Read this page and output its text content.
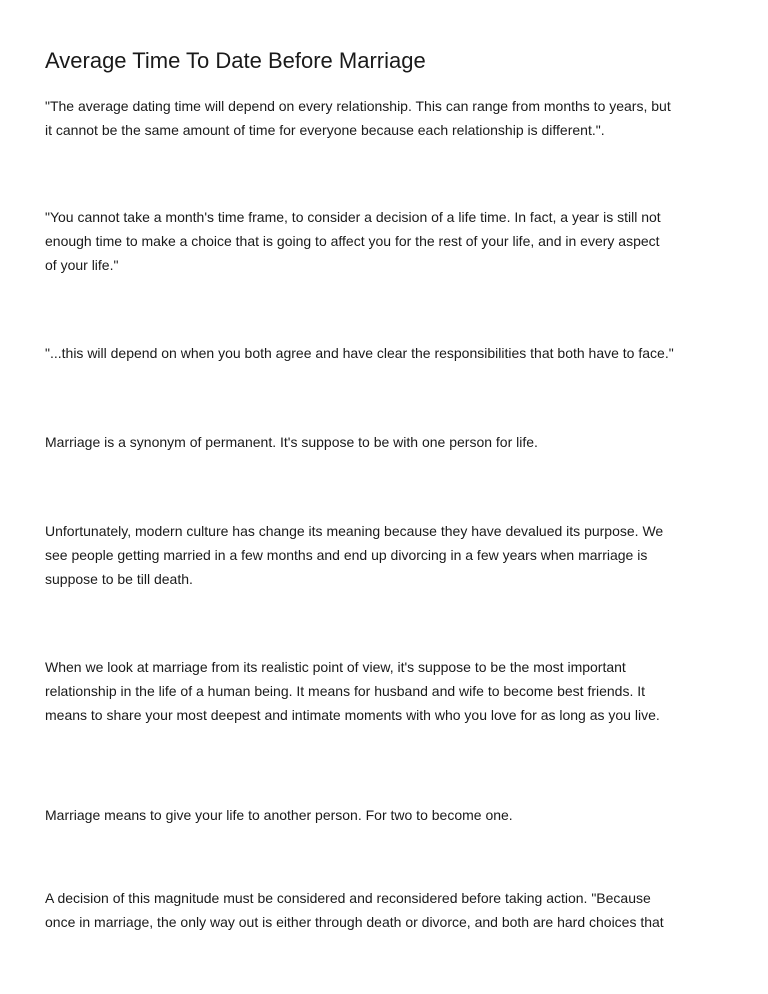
Average Time To Date Before Marriage

"The average dating time will depend on every relationship. This can range from months to years, but
it cannot be the same amount of time for everyone because each relationship is different.".

"You cannot take a month's time frame, to consider a decision of a life time. In fact, a year is still not
enough time to make a choice that is going to affect you for the rest of your life, and in every aspect
of your life."

"...this will depend on when you both agree and have clear the responsibilities that both have to face."

Marriage is a synonym of permanent. It's suppose to be with one person for life.

Unfortunately, modern culture has change its meaning because they have devalued its purpose. We
see people getting married in a few months and end up divorcing in a few years when marriage is
suppose to be till death.

When we look at marriage from its realistic point of view, it's suppose to be the most important
relationship in the life of a human being. It means for husband and wife to become best friends. It
means to share your most deepest and intimate moments with who you love for as long as you live.

Marriage means to give your life to another person. For two to become one.

A decision of this magnitude must be considered and reconsidered before taking action. "Because
once in marriage, the only way out is either through death or divorce, and both are hard choices that
